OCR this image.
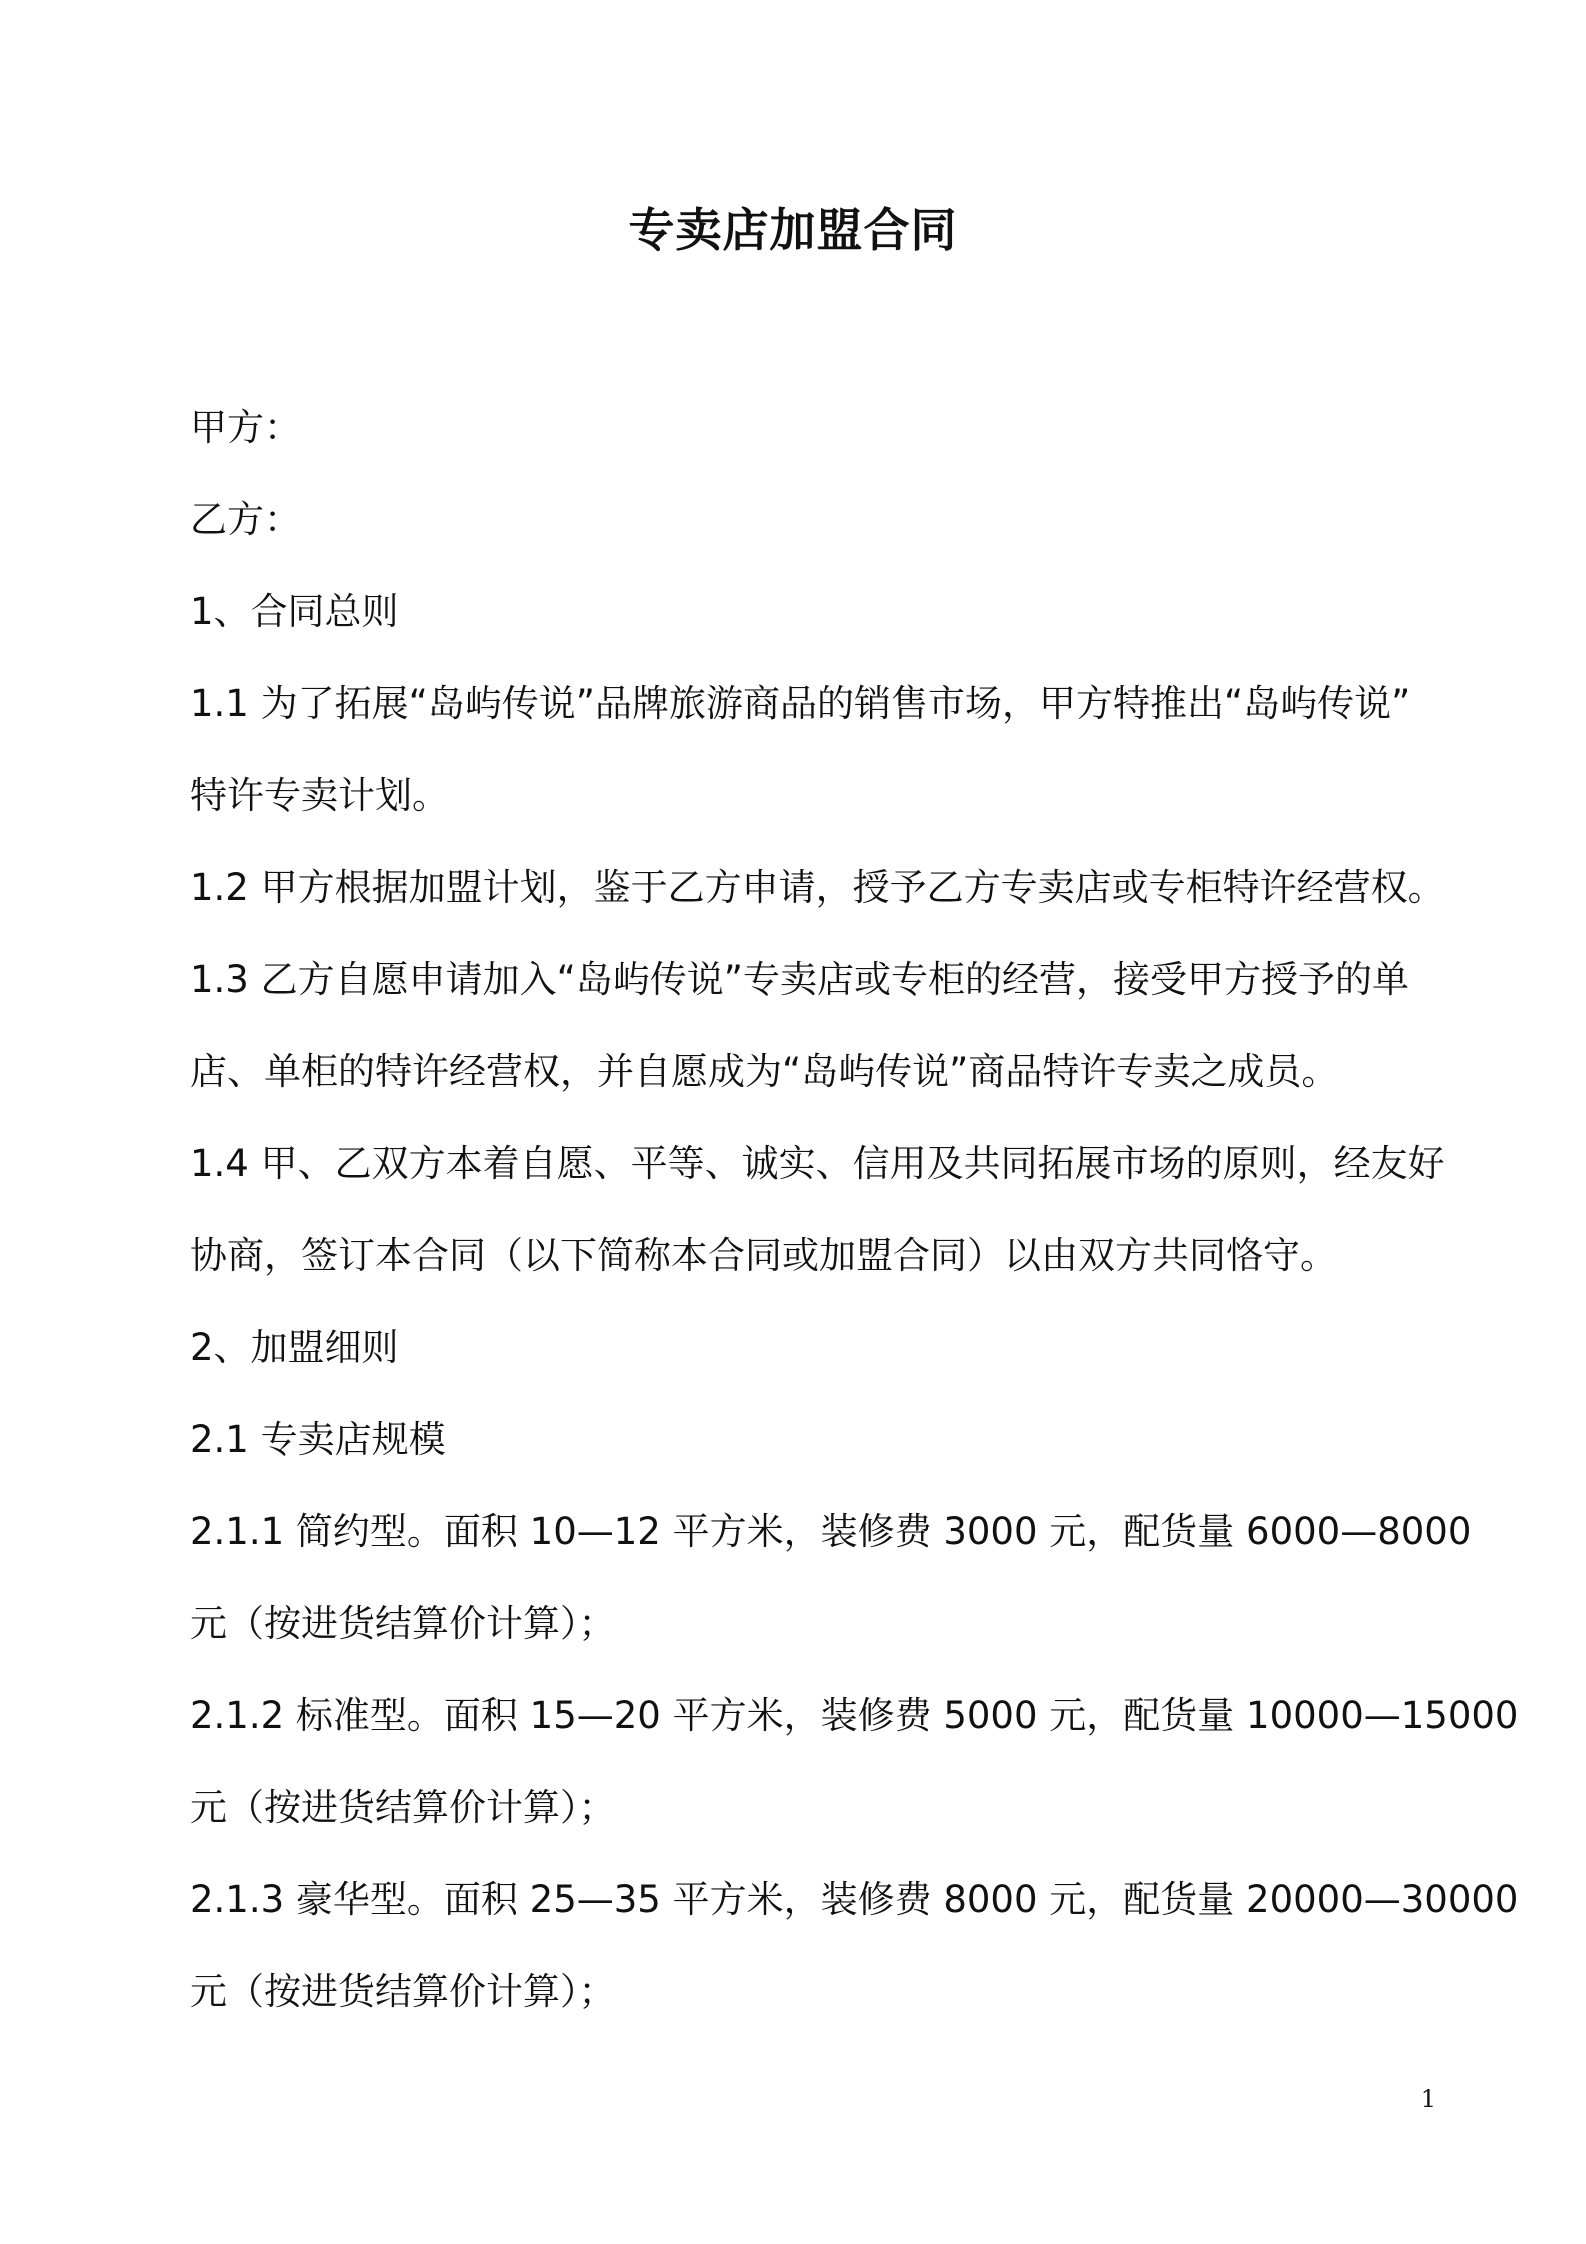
专卖店加盟合同
甲方：
乙方：
1、合同总则
1.1 为了拓展“岛屿传说”品牌旅游商品的销售市场，甲方特推出“岛屿传说”
特许专卖计划。
1.2 甲方根据加盟计划，鉴于乙方申请，授予乙方专卖店或专柜特许经营权。
1.3 乙方自愿申请加入“岛屿传说”专卖店或专柜的经营，接受甲方授予的单
店、单柜的特许经营权，并自愿成为“岛屿传说”商品特许专卖之成员。
1.4 甲、乙双方本着自愿、平等、诚实、信用及共同拓展市场的原则，经友好
协商，签订本合同（以下简称本合同或加盟合同）以由双方共同恪守。
2、加盟细则
2.1 专卖店规模
2.1.1 简约型。面积 10—12 平方米，装修费 3000 元，配货量 6000—8000
元（按进货结算价计算）；
2.1.2 标准型。面积 15—20 平方米，装修费 5000 元，配货量 10000—15000
元（按进货结算价计算）；
2.1.3 豪华型。面积 25—35 平方米，装修费 8000 元，配货量 20000—30000
元（按进货结算价计算）；
1
